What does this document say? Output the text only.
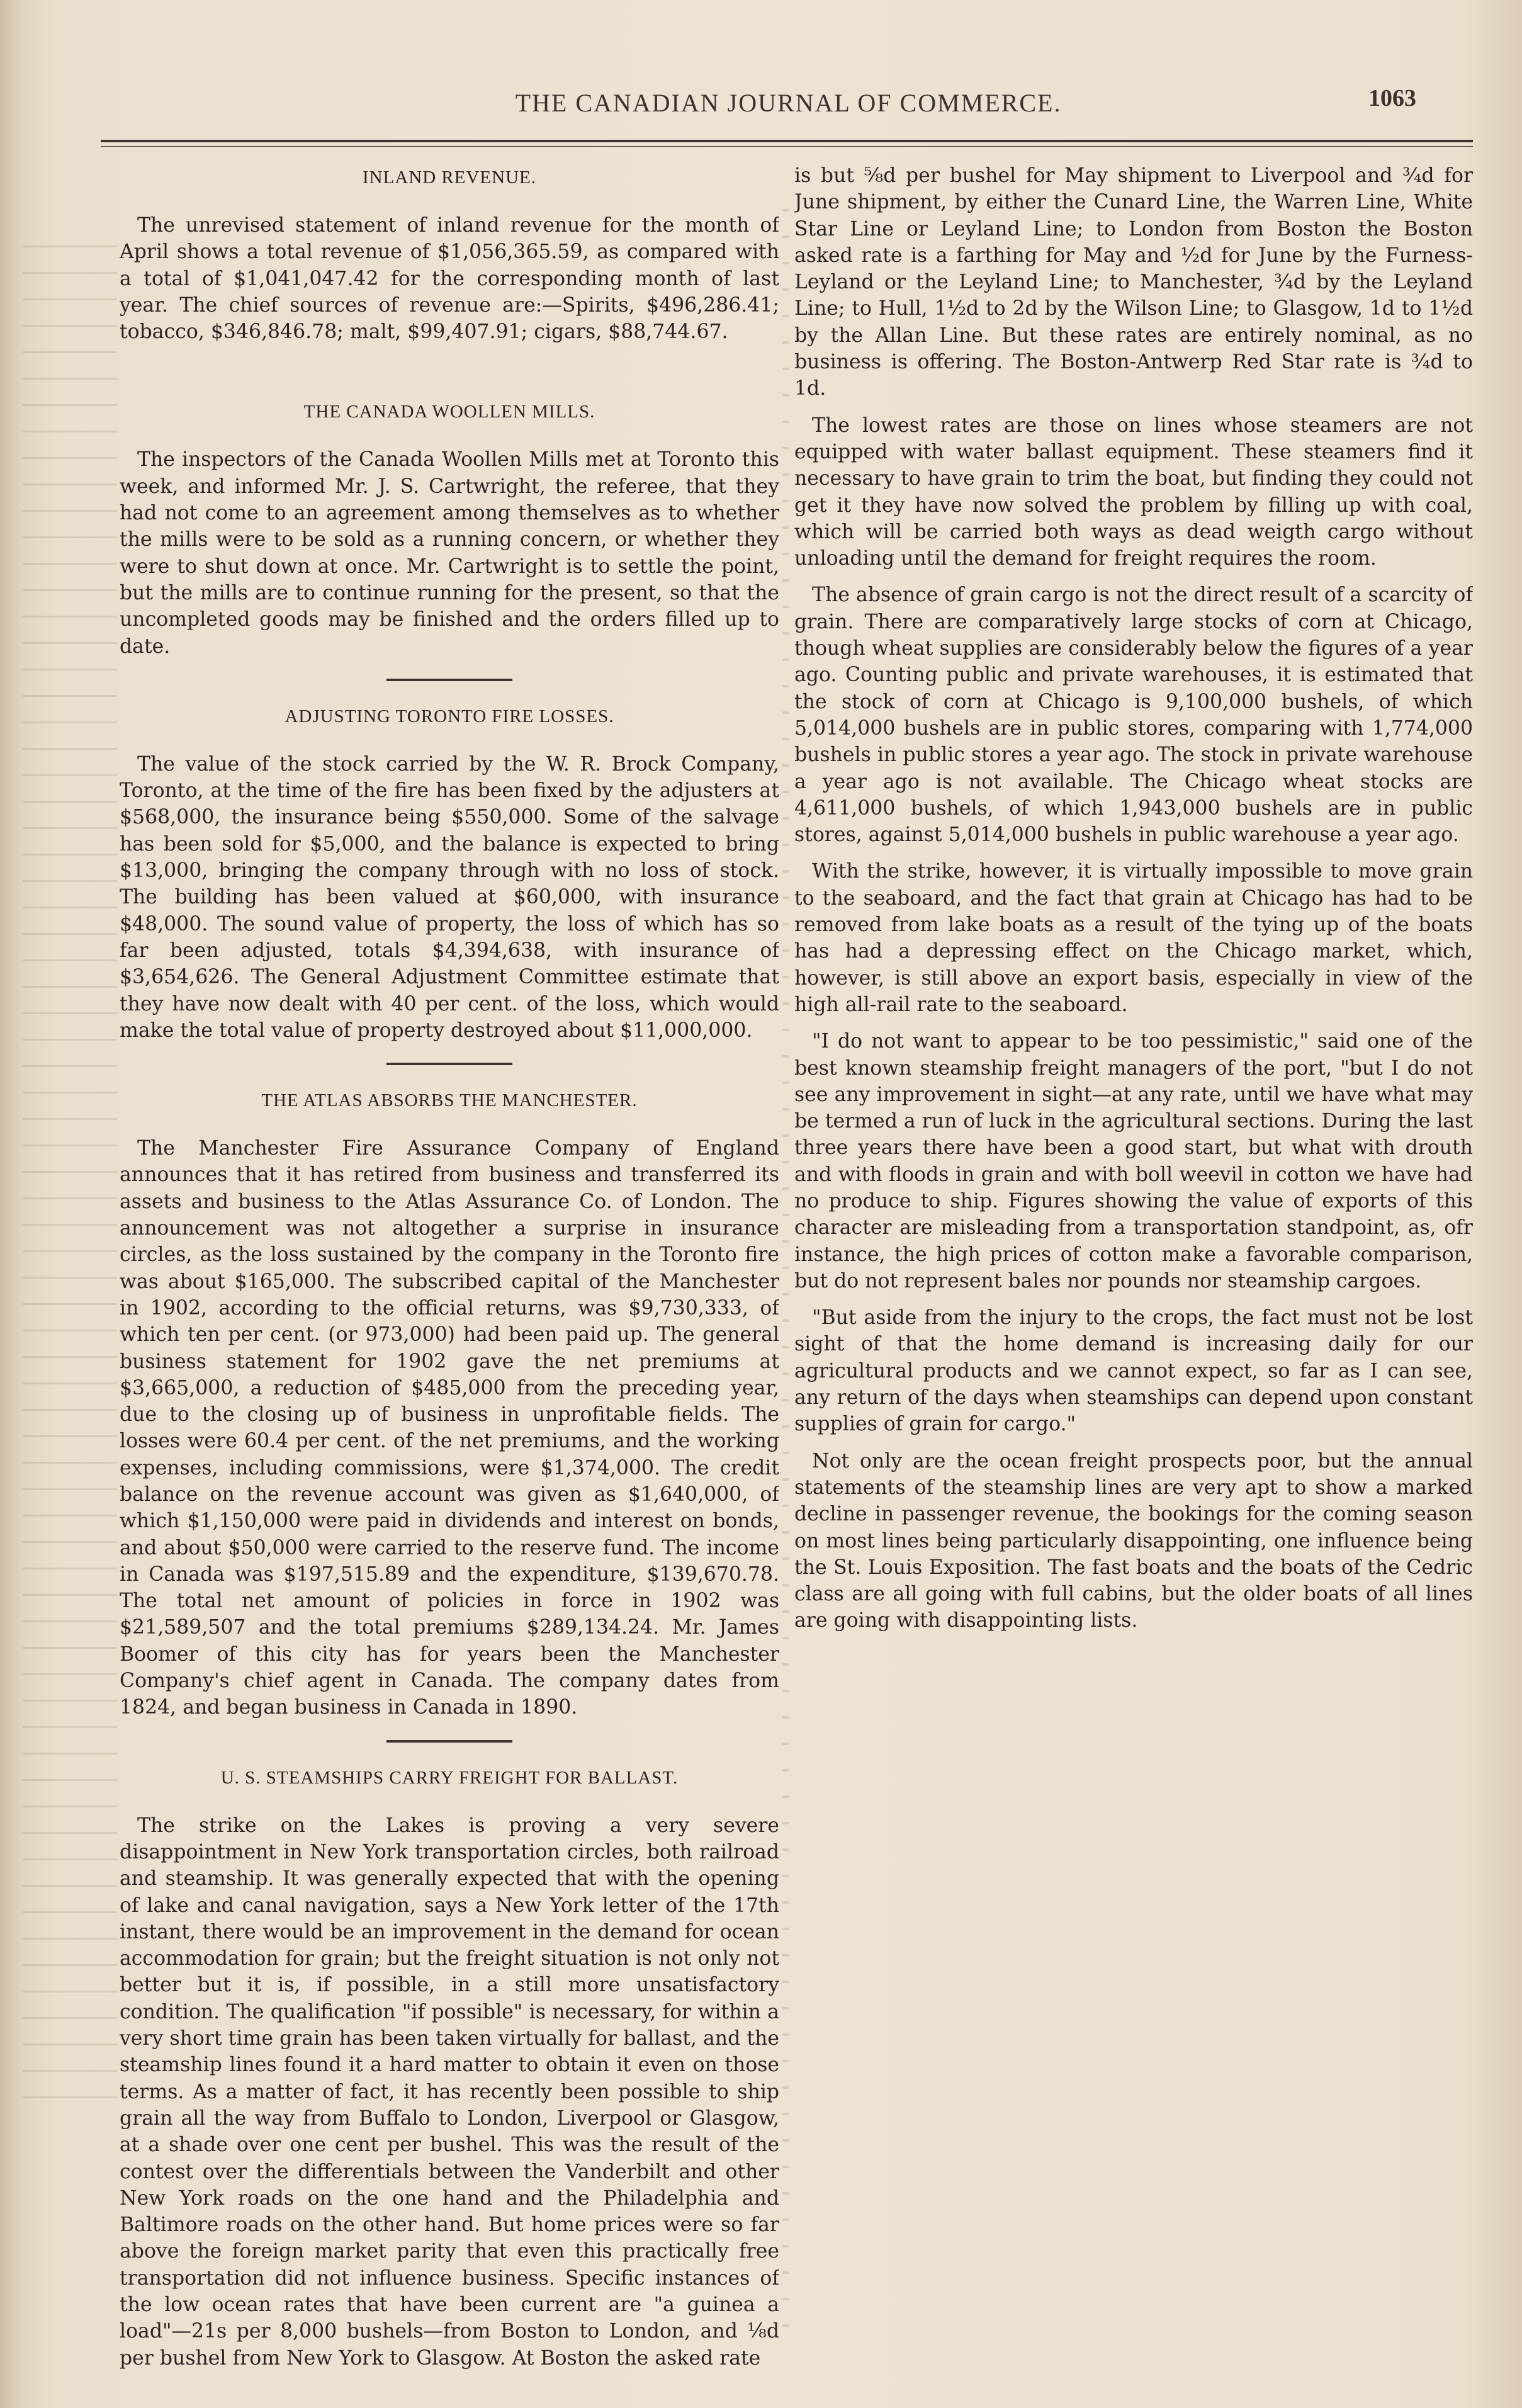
THE CANADIAN JOURNAL OF COMMERCE.	1063
INLAND REVENUE.

The unrevised statement of inland revenue for the month of April shows a total revenue of $1,056,365.59, as compared with a total of $1,041,047.42 for the corresponding month of last year. The chief sources of revenue are:—Spirits, $496,286.41; tobacco, $346,846.78; malt, $99,407.91; cigars, $88,744.67.

THE CANADA WOOLLEN MILLS.

The inspectors of the Canada Woollen Mills met at Toronto this week, and informed Mr. J. S. Cartwright, the referee, that they had not come to an agreement among themselves as to whether the mills were to be sold as a running concern, or whether they were to shut down at once. Mr. Cartwright is to settle the point, but the mills are to continue running for the present, so that the uncompleted goods may be finished and the orders filled up to date.

ADJUSTING TORONTO FIRE LOSSES.

The value of the stock carried by the W. R. Brock Company, Toronto, at the time of the fire has been fixed by the adjusters at $568,000, the insurance being $550,000. Some of the salvage has been sold for $5,000, and the balance is expected to bring $13,000, bringing the company through with no loss of stock. The building has been valued at $60,000, with insurance $48,000. The sound value of property, the loss of which has so far been adjusted, totals $4,394,638, with insurance of $3,654,626. The General Adjustment Committee estimate that they have now dealt with 40 per cent. of the loss, which would make the total value of property destroyed about $11,000,000.

THE ATLAS ABSORBS THE MANCHESTER.

The Manchester Fire Assurance Company of England announces that it has retired from business and transferred its assets and business to the Atlas Assurance Co. of London. The announcement was not altogether a surprise in insurance circles, as the loss sustained by the company in the Toronto fire was about $165,000. The subscribed capital of the Manchester in 1902, according to the official returns, was $9,730,333, of which ten per cent. (or 973,000) had been paid up. The general business statement for 1902 gave the net premiums at $3,665,000, a reduction of $485,000 from the preceding year, due to the closing up of business in unprofitable fields. The losses were 60.4 per cent. of the net premiums, and the working expenses, including commissions, were $1,374,000. The credit balance on the revenue account was given as $1,640,000, of which $1,150,000 were paid in dividends and interest on bonds, and about $50,000 were carried to the reserve fund. The income in Canada was $197,515.89 and the expenditure, $139,670.78. The total net amount of policies in force in 1902 was $21,589,507 and the total premiums $289,134.24. Mr. James Boomer of this city has for years been the Manchester Company's chief agent in Canada. The company dates from 1824, and began business in Canada in 1890.

U. S. STEAMSHIPS CARRY FREIGHT FOR BALLAST.

The strike on the Lakes is proving a very severe disappointment in New York transportation circles, both railroad and steamship. It was generally expected that with the opening of lake and canal navigation, says a New York letter of the 17th instant, there would be an improvement in the demand for ocean accommodation for grain; but the freight situation is not only not better but it is, if possible, in a still more unsatisfactory condition. The qualification "if possible" is necessary, for within a very short time grain has been taken virtually for ballast, and the steamship lines found it a hard matter to obtain it even on those terms. As a matter of fact, it has recently been possible to ship grain all the way from Buffalo to London, Liverpool or Glasgow, at a shade over one cent per bushel. This was the result of the contest over the differentials between the Vanderbilt and other New York roads on the one hand and the Philadelphia and Baltimore roads on the other hand. But home prices were so far above the foreign market parity that even this practically free transportation did not influence business. Specific instances of the low ocean rates that have been current are "a guinea a load"—21s per 8,000 bushels—from Boston to London, and ⅛d per bushel from New York to Glasgow. At Boston the asked rate

is but ⅝d per bushel for May shipment to Liverpool and ¾d for June shipment, by either the Cunard Line, the Warren Line, White Star Line or Leyland Line; to London from Boston the Boston asked rate is a farthing for May and ½d for June by the Furness-Leyland or the Leyland Line; to Manchester, ¾d by the Leyland Line; to Hull, 1½d to 2d by the Wilson Line; to Glasgow, 1d to 1½d by the Allan Line. But these rates are entirely nominal, as no business is offering. The Boston-Antwerp Red Star rate is ¾d to 1d.

The lowest rates are those on lines whose steamers are not equipped with water ballast equipment. These steamers find it necessary to have grain to trim the boat, but finding they could not get it they have now solved the problem by filling up with coal, which will be carried both ways as dead weigth cargo without unloading until the demand for freight requires the room.

The absence of grain cargo is not the direct result of a scarcity of grain. There are comparatively large stocks of corn at Chicago, though wheat supplies are considerably below the figures of a year ago. Counting public and private warehouses, it is estimated that the stock of corn at Chicago is 9,100,000 bushels, of which 5,014,000 bushels are in public stores, comparing with 1,774,000 bushels in public stores a year ago. The stock in private warehouse a year ago is not available. The Chicago wheat stocks are 4,611,000 bushels, of which 1,943,000 bushels are in public stores, against 5,014,000 bushels in public warehouse a year ago.

With the strike, however, it is virtually impossible to move grain to the seaboard, and the fact that grain at Chicago has had to be removed from lake boats as a result of the tying up of the boats has had a depressing effect on the Chicago market, which, however, is still above an export basis, especially in view of the high all-rail rate to the seaboard.

"I do not want to appear to be too pessimistic," said one of the best known steamship freight managers of the port, "but I do not see any improvement in sight—at any rate, until we have what may be termed a run of luck in the agricultural sections. During the last three years there have been a good start, but what with drouth and with floods in grain and with boll weevil in cotton we have had no produce to ship. Figures showing the value of exports of this character are misleading from a transportation standpoint, as, ofr instance, the high prices of cotton make a favorable comparison, but do not represent bales nor pounds nor steamship cargoes.

"But aside from the injury to the crops, the fact must not be lost sight of that the home demand is increasing daily for our agricultural products and we cannot expect, so far as I can see, any return of the days when steamships can depend upon constant supplies of grain for cargo."

Not only are the ocean freight prospects poor, but the annual statements of the steamship lines are very apt to show a marked decline in passenger revenue, the bookings for the coming season on most lines being particularly disappointing, one influence being the St. Louis Exposition. The fast boats and the boats of the Cedric class are all going with full cabins, but the older boats of all lines are going with disappointing lists.
